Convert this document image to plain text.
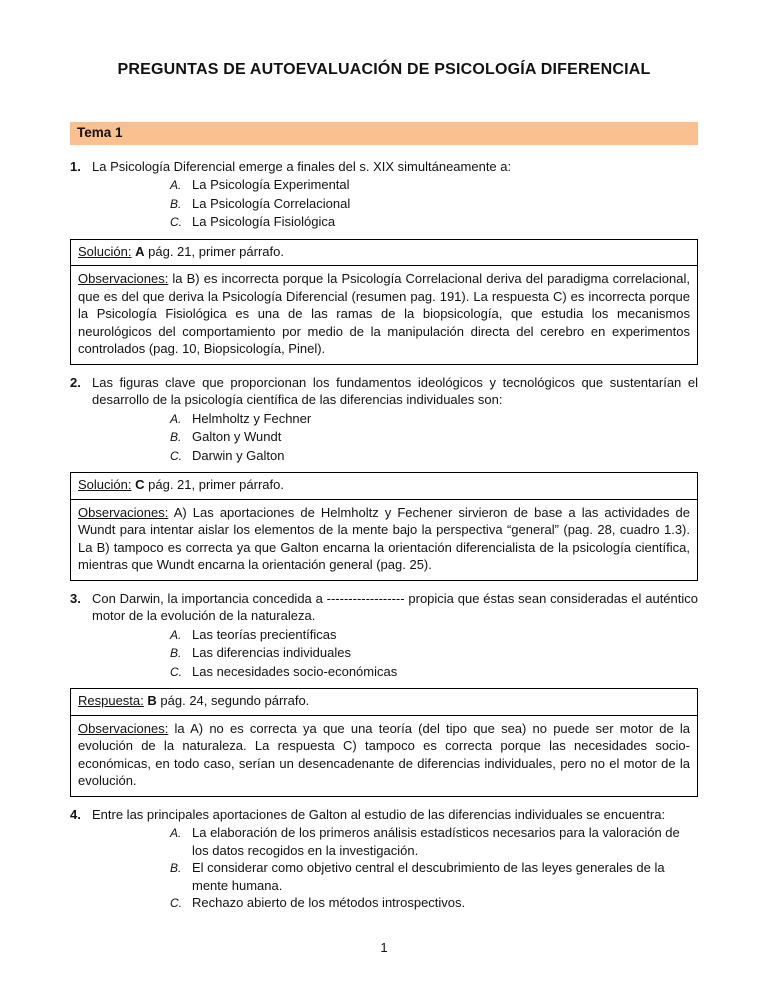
PREGUNTAS DE AUTOEVALUACIÓN DE PSICOLOGÍA DIFERENCIAL
Tema 1
1. La Psicología Diferencial emerge a finales del s. XIX simultáneamente a:
A. La Psicología Experimental
B. La Psicología Correlacional
C. La Psicología Fisiológica
Solución: A pág. 21, primer párrafo.
Observaciones: la B) es incorrecta porque la Psicología Correlacional deriva del paradigma correlacional, que es del que deriva la Psicología Diferencial (resumen pag. 191). La respuesta C) es incorrecta porque la Psicología Fisiológica es una de las ramas de la biopsicología, que estudia los mecanismos neurológicos del comportamiento por medio de la manipulación directa del cerebro en experimentos controlados (pag. 10, Biopsicología, Pinel).
2. Las figuras clave que proporcionan los fundamentos ideológicos y tecnológicos que sustentarían el desarrollo de la psicología científica de las diferencias individuales son:
A. Helmholtz y Fechner
B. Galton y Wundt
C. Darwin y Galton
Solución: C pág. 21, primer párrafo.
Observaciones: A) Las aportaciones de Helmholtz y Fechener sirvieron de base a las actividades de Wundt para intentar aislar los elementos de la mente bajo la perspectiva “general” (pag. 28, cuadro 1.3). La B) tampoco es correcta ya que Galton encarna la orientación diferencialista de la psicología científica, mientras que Wundt encarna la orientación general (pag. 25).
3. Con Darwin, la importancia concedida a ------------------ propicia que éstas sean consideradas el auténtico motor de la evolución de la naturaleza.
A. Las teorías precientíficas
B. Las diferencias individuales
C. Las necesidades socio-económicas
Respuesta: B pág. 24, segundo párrafo.
Observaciones: la A) no es correcta ya que una teoría (del tipo que sea) no puede ser motor de la evolución de la naturaleza. La respuesta C) tampoco es correcta porque las necesidades socio-económicas, en todo caso, serían un desencadenante de diferencias individuales, pero no el motor de la evolución.
4. Entre las principales aportaciones de Galton al estudio de las diferencias individuales se encuentra:
A. La elaboración de los primeros análisis estadísticos necesarios para la valoración de los datos recogidos en la investigación.
B. El considerar como objetivo central el descubrimiento de las leyes generales de la mente humana.
C. Rechazo abierto de los métodos introspectivos.
1
